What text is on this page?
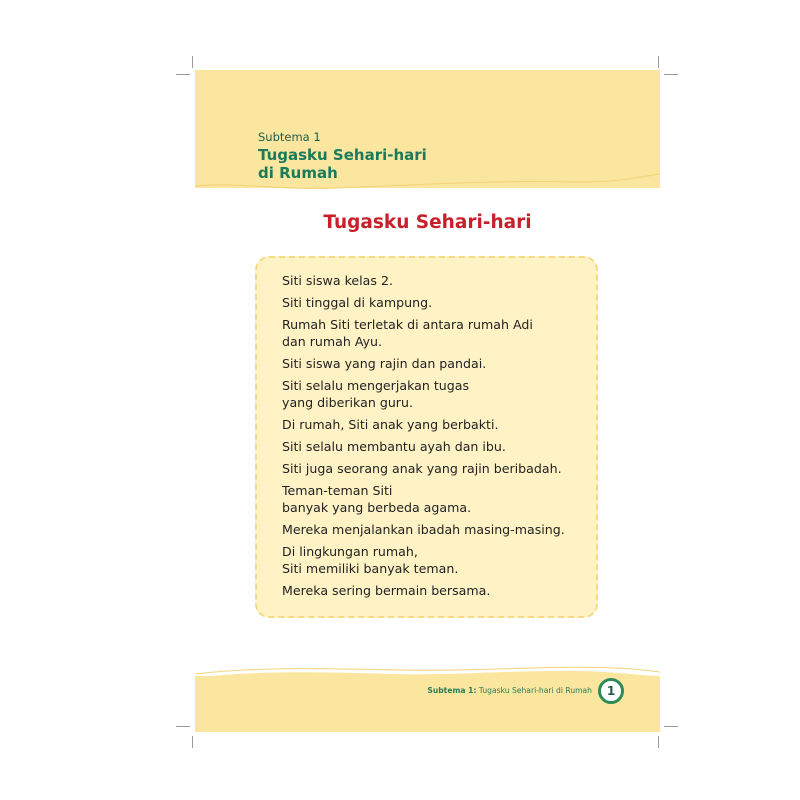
Subtema 1
Tugasku Sehari-hari
di Rumah
Tugasku Sehari-hari
Siti siswa kelas 2.
Siti tinggal di kampung.
Rumah Siti terletak di antara rumah Adi
dan rumah Ayu.
Siti siswa yang rajin dan pandai.
Siti selalu mengerjakan tugas
yang diberikan guru.
Di rumah, Siti anak yang berbakti.
Siti selalu membantu ayah dan ibu.
Siti juga seorang anak yang rajin beribadah.
Teman-teman Siti
banyak yang berbeda agama.
Mereka menjalankan ibadah masing-masing.
Di lingkungan rumah,
Siti memiliki banyak teman.
Mereka sering bermain bersama.
Subtema 1: Tugasku Sehari-hari di Rumah	1
